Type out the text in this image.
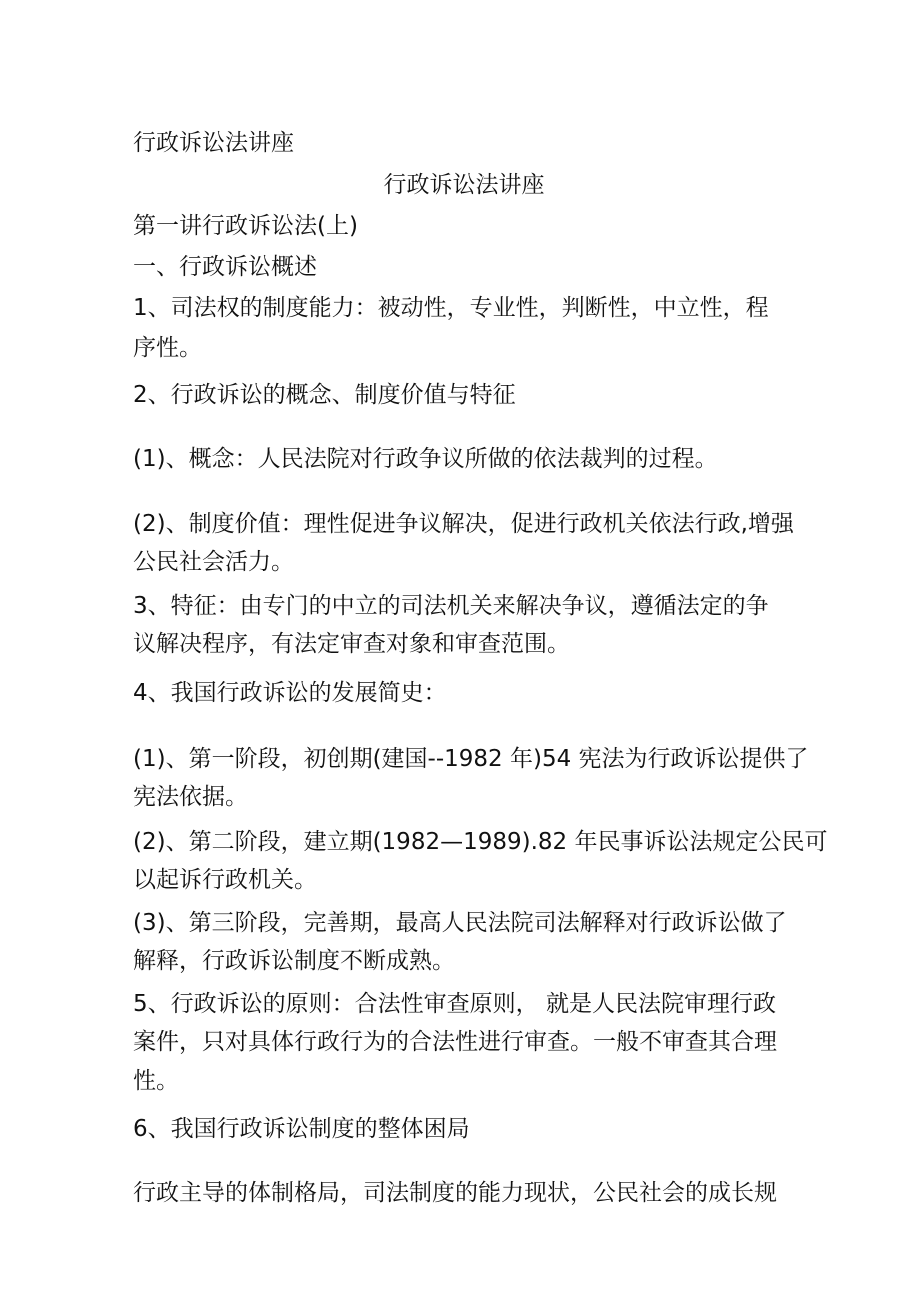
行政诉讼法讲座
行政诉讼法讲座
第一讲行政诉讼法(上)
一、行政诉讼概述
1、司法权的制度能力：被动性，专业性，判断性，中立性，程
序性。
2、行政诉讼的概念、制度价值与特征
(1)、概念：人民法院对行政争议所做的依法裁判的过程。
(2)、制度价值：理性促进争议解决，促进行政机关依法行政,增强
公民社会活力。
3、特征：由专门的中立的司法机关来解决争议，遵循法定的争
议解决程序，有法定审查对象和审查范围。
4、我国行政诉讼的发展简史：
(1)、第一阶段，初创期(建国--1982 年)54 宪法为行政诉讼提供了
宪法依据。
(2)、第二阶段，建立期(1982—1989).82 年民事诉讼法规定公民可
以起诉行政机关。
(3)、第三阶段，完善期，最高人民法院司法解释对行政诉讼做了
解释，行政诉讼制度不断成熟。
5、行政诉讼的原则：合法性审查原则， 就是人民法院审理行政
案件，只对具体行政行为的合法性进行审查。一般不审查其合理
性。
6、我国行政诉讼制度的整体困局
行政主导的体制格局，司法制度的能力现状，公民社会的成长规
